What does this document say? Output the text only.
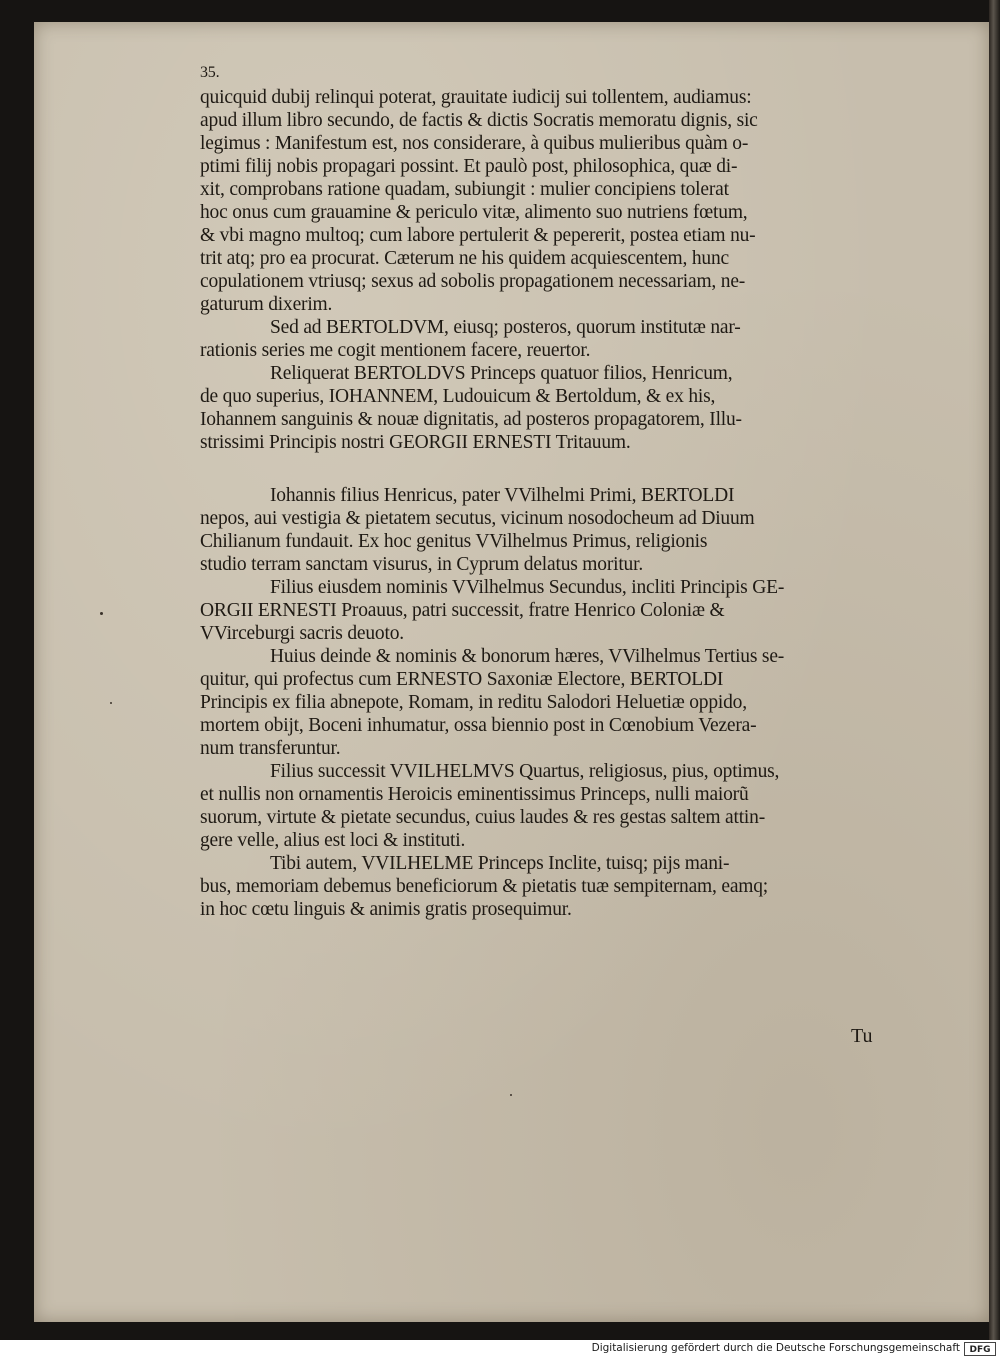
35.

quicquid dubij relinqui poterat, grauitate iudicij sui tollentem, audiamus:

apud illum libro secundo, de factis & dictis Socratis memoratu dignis, sic

legimus : Manifestum est, nos considerare, à quibus mulieribus quàm o-

ptimi filij nobis propagari possint. Et paulò post, philosophica, quæ di-

xit, comprobans ratione quadam, subiungit : mulier concipiens tolerat

hoc onus cum grauamine & periculo vitæ, alimento suo nutriens fœtum,

& vbi magno multoq; cum labore pertulerit & pepererit, postea etiam nu-

trit atq; pro ea procurat. Cæterum ne his quidem acquiescentem, hunc

copulationem vtriusq; sexus ad sobolis propagationem necessariam, ne-

gaturum dixerim.

Sed ad BERTOLDVM, eiusq; posteros, quorum institutæ nar-

rationis series me cogit mentionem facere, reuertor.

Reliquerat BERTOLDVS Princeps quatuor filios, Henricum,

de quo superius, IOHANNEM, Ludouicum & Bertoldum, & ex his,

Iohannem sanguinis & nouæ dignitatis, ad posteros propagatorem, Illu-

strissimi Principis nostri GEORGII ERNESTI Tritauum.

Iohannis filius Henricus, pater VVilhelmi Primi, BERTOLDI

nepos, aui vestigia & pietatem secutus, vicinum nosodocheum ad Diuum

Chilianum fundauit. Ex hoc genitus VVilhelmus Primus, religionis

studio terram sanctam visurus, in Cyprum delatus moritur.

Filius eiusdem nominis VVilhelmus Secundus, incliti Principis GE-

ORGII ERNESTI Proauus, patri successit, fratre Henrico Coloniæ &

VVirceburgi sacris deuoto.

Huius deinde & nominis & bonorum hæres, VVilhelmus Tertius se-

quitur, qui profectus cum ERNESTO Saxoniæ Electore, BERTOLDI

Principis ex filia abnepote, Romam, in reditu Salodori Heluetiæ oppido,

mortem obijt, Boceni inhumatur, ossa biennio post in Cœnobium Vezera-

num transferuntur.

Filius successit VVILHELMVS Quartus, religiosus, pius, optimus,

et nullis non ornamentis Heroicis eminentissimus Princeps, nulli maiorũ

suorum, virtute & pietate secundus, cuius laudes & res gestas saltem attin-

gere velle, alius est loci & instituti.

Tibi autem, VVILHELME Princeps Inclite, tuisq; pijs mani-

bus, memoriam debemus beneficiorum & pietatis tuæ sempiternam, eamq;

in hoc cœtu linguis & animis gratis prosequimur.

Tu
Digitalisierung gefördert durch die Deutsche Forschungsgemeinschaft	DFG
